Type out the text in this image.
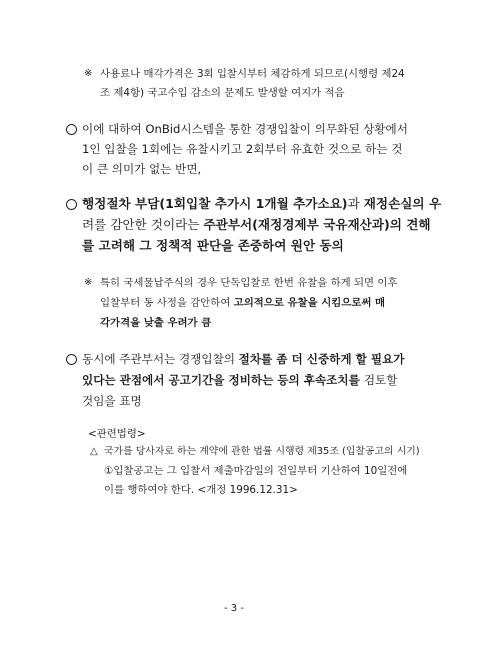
※ 사용료나 매각가격은 3회 입찰시부터 체감하게 되므로(시행령 제24
조 제4항) 국고수입 감소의 문제도 발생할 여지가 적음
이에 대하여 OnBid시스템을 통한 경쟁입찰이 의무화된 상황에서
1인 입찰을 1회에는 유찰시키고 2회부터 유효한 것으로 하는 것
이 큰 의미가 없는 반면,
행정절차 부담(1회입찰 추가시 1개월 추가소요)과 재정손실의 우
려를 감안한 것이라는 주관부서(재정경제부 국유재산과)의 견해
를 고려해 그 정책적 판단을 존중하여 원안 동의
※ 특히 국세물납주식의 경우 단독입찰로 한번 유찰을 하게 되면 이후
입찰부터 동 사정을 감안하여 고의적으로 유찰을 시킴으로써 매
각가격을 낮출 우려가 큼
동시에 주관부서는 경쟁입찰의 절차를 좀 더 신중하게 할 필요가
있다는 관점에서 공고기간을 정비하는 등의 후속조치를 검토할
것임을 표명
<관련법령>
△ 국가를 당사자로 하는 계약에 관한 법률 시행령 제35조 (입찰공고의 시기)
①입찰공고는 그 입찰서 제출마감일의 전일부터 기산하여 10일전에
이를 행하여야 한다. <개정 1996.12.31>
- 3 -
